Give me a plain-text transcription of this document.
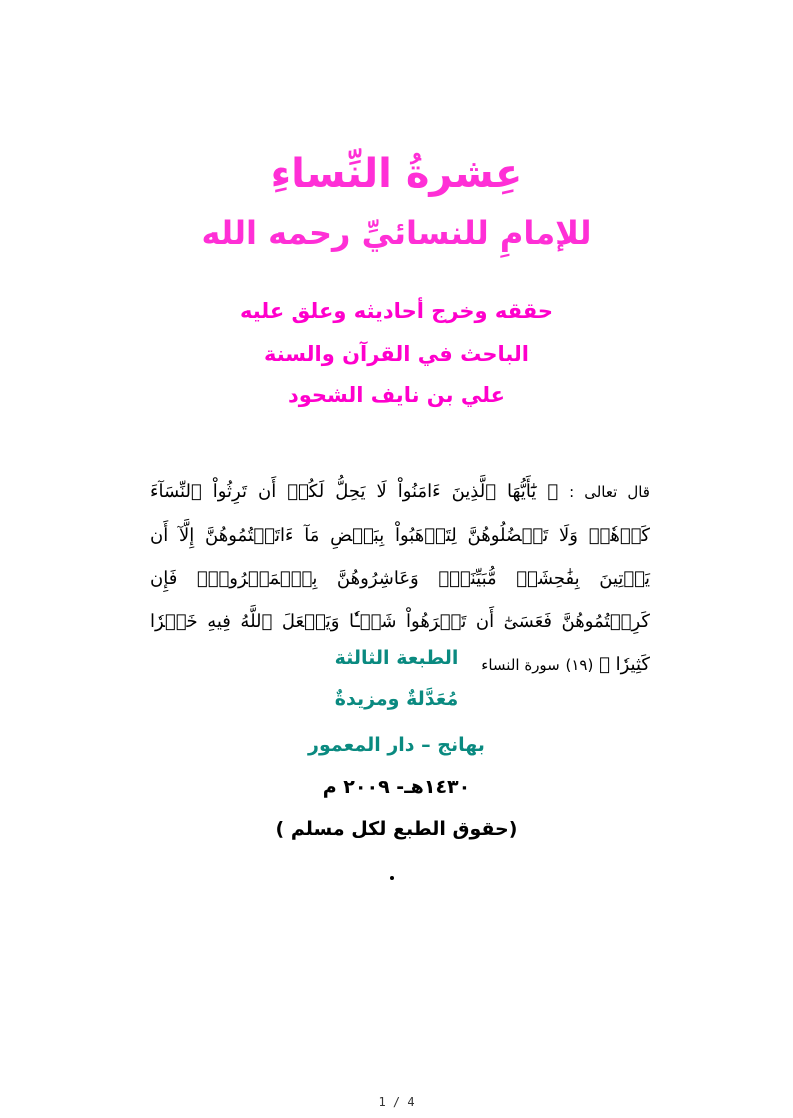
عِشرةُ النِّساءِ
للإمامِ للنسائيِّ رحمه الله
حققه وخرج أحاديثه وعلق عليه
الباحث في القرآن والسنة
علي بن نايف الشحود
قال تعالى : ﴿ يَٰٓأَيُّهَا ٱلَّذِينَ ءَامَنُواْ لَا يَحِلُّ لَكُمۡ أَن تَرِثُواْ ٱلنِّسَآءَ كَرۡهٗاۖ وَلَا تَعۡضُلُوهُنَّ لِتَذۡهَبُواْ بِبَعۡضِ مَآ ءَاتَيۡتُمُوهُنَّ إِلَّآ أَن يَأۡتِينَ بِفَٰحِشَةٖ مُّبَيِّنَةٖۚ وَعَاشِرُوهُنَّ بِٱلۡمَعۡرُوفِۚ فَإِن كَرِهۡتُمُوهُنَّ فَعَسَىٰٓ أَن تَكۡرَهُواْ شَيۡـٔٗا وَيَجۡعَلَ ٱللَّهُ فِيهِ خَيۡرٗا كَثِيرٗا ﴾ (١٩) سورة النساء
الطبعة الثالثة
مُعَدَّلةٌ ومزيدةٌ
بهانج – دار المعمور
١٤٣٠هـ- ٢٠٠٩ م
(حقوق الطبع لكل مسلم )
1 / 4
